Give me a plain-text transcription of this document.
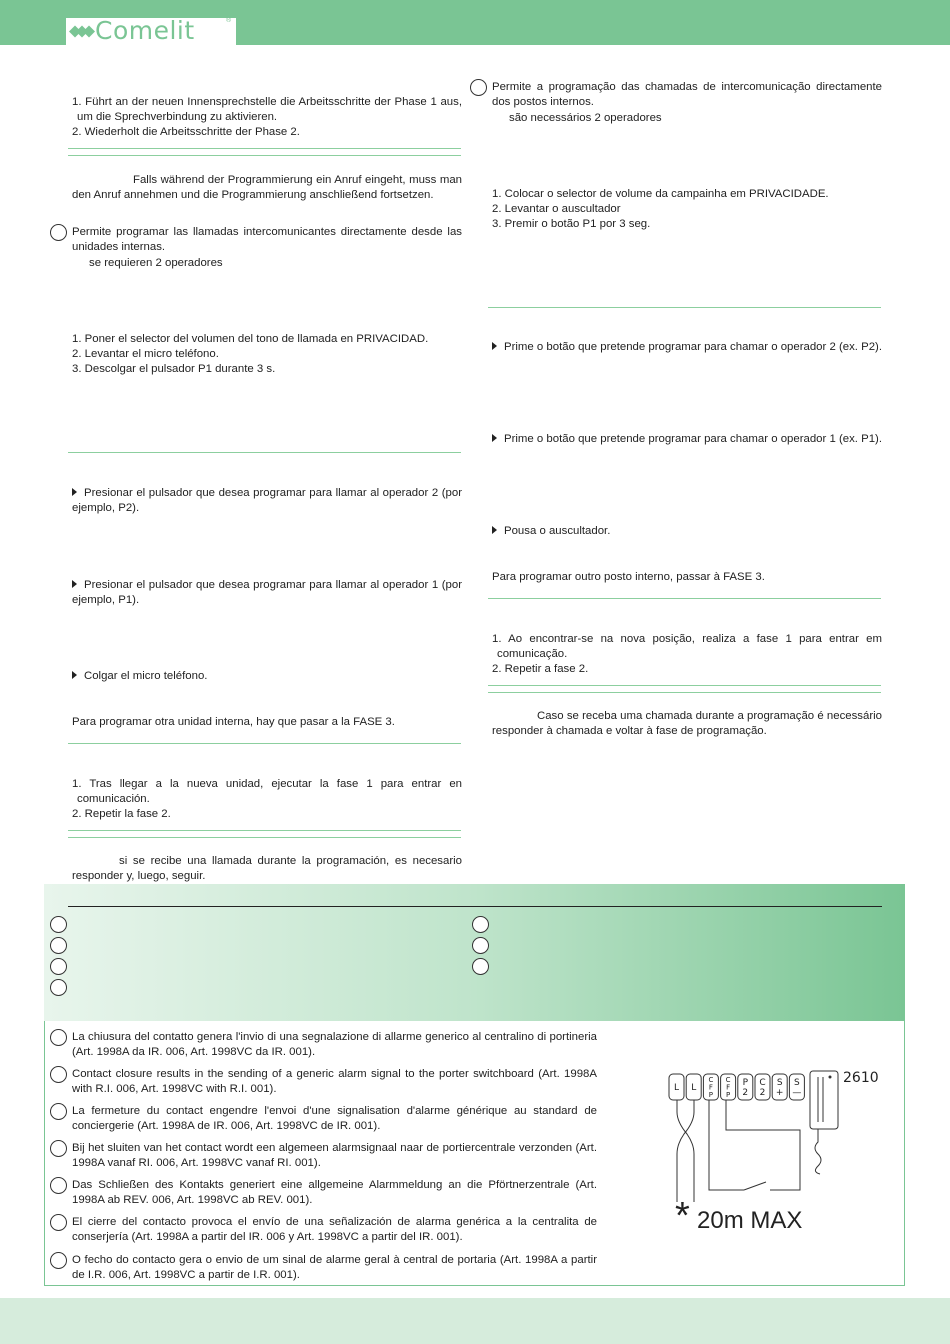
Comelit	®
1. Führt an der neuen Innensprechstelle die Arbeitsschritte der Phase 1 aus, um die Sprechverbindung zu aktivieren.
2. Wiederholt die Arbeitsschritte der Phase 2.
Falls während der Programmierung ein Anruf eingeht, muss man den Anruf annehmen und die Programmierung anschließend fortsetzen.
Permite programar las llamadas intercomunicantes directamente desde las unidades internas.
se requieren 2 operadores
1. Poner el selector del volumen del tono de llamada en PRIVACIDAD.
2. Levantar el micro teléfono.
3. Descolgar el pulsador P1 durante 3 s.
Presionar el pulsador que desea programar para llamar al operador 2 (por ejemplo, P2).
Presionar el pulsador que desea programar para llamar al operador 1 (por ejemplo, P1).
Colgar el micro teléfono.
Para programar otra unidad interna, hay que pasar a la FASE 3.
1. Tras llegar a la nueva unidad, ejecutar la fase 1 para entrar en comunicación.
2. Repetir la fase 2.
si se recibe una llamada durante la programación, es necesario responder y, luego, seguir.
Permite a programação das chamadas de intercomunicação directamente dos postos internos.
são necessários 2 operadores
1. Colocar o selector de volume da campainha em PRIVACIDADE.
2. Levantar o auscultador
3. Premir o botão P1 por 3 seg.
Prime o botão que pretende programar para chamar o operador 2 (ex. P2).
Prime o botão que pretende programar para chamar o operador 1 (ex. P1).
Pousa o auscultador.
Para programar outro posto interno, passar à FASE 3.
1. Ao encontrar-se na nova posição, realiza a fase 1 para entrar em comunicação.
2. Repetir a fase 2.
Caso se receba uma chamada durante a programação é necessário responder à chamada e voltar à fase de programação.
La chiusura del contatto genera l'invio di una segnalazione di allarme generico al centralino di portineria (Art. 1998A da IR. 006, Art. 1998VC da IR. 001).
Contact closure results in the sending of a generic alarm signal to the porter switchboard (Art. 1998A with R.I. 006, Art. 1998VC with R.I. 001).
La fermeture du contact engendre l'envoi d'une signalisation d'alarme générique au standard de conciergerie (Art. 1998A de IR. 006, Art. 1998VC de IR. 001).
Bij het sluiten van het contact wordt een algemeen alarmsignaal naar de portiercentrale verzonden (Art. 1998A vanaf RI. 006, Art. 1998VC vanaf RI. 001).
Das Schließen des Kontakts generiert eine allgemeine Alarmmeldung an die Pförtnerzentrale (Art. 1998A ab REV. 006, Art. 1998VC ab REV. 001).
El cierre del contacto provoca el envío de una señalización de alarma genérica a la centralita de conserjería (Art. 1998A a partir del IR. 006 y Art. 1998VC a partir del IR. 001).
O fecho do contacto gera o envio de um sinal de alarme geral à central de portaria (Art. 1998A a partir de I.R. 006, Art. 1998VC a partir de I.R. 001).
L L
C
F
P
C
F
P
P
2
C
2
S
+
S
—
2610
* 20m MAX
